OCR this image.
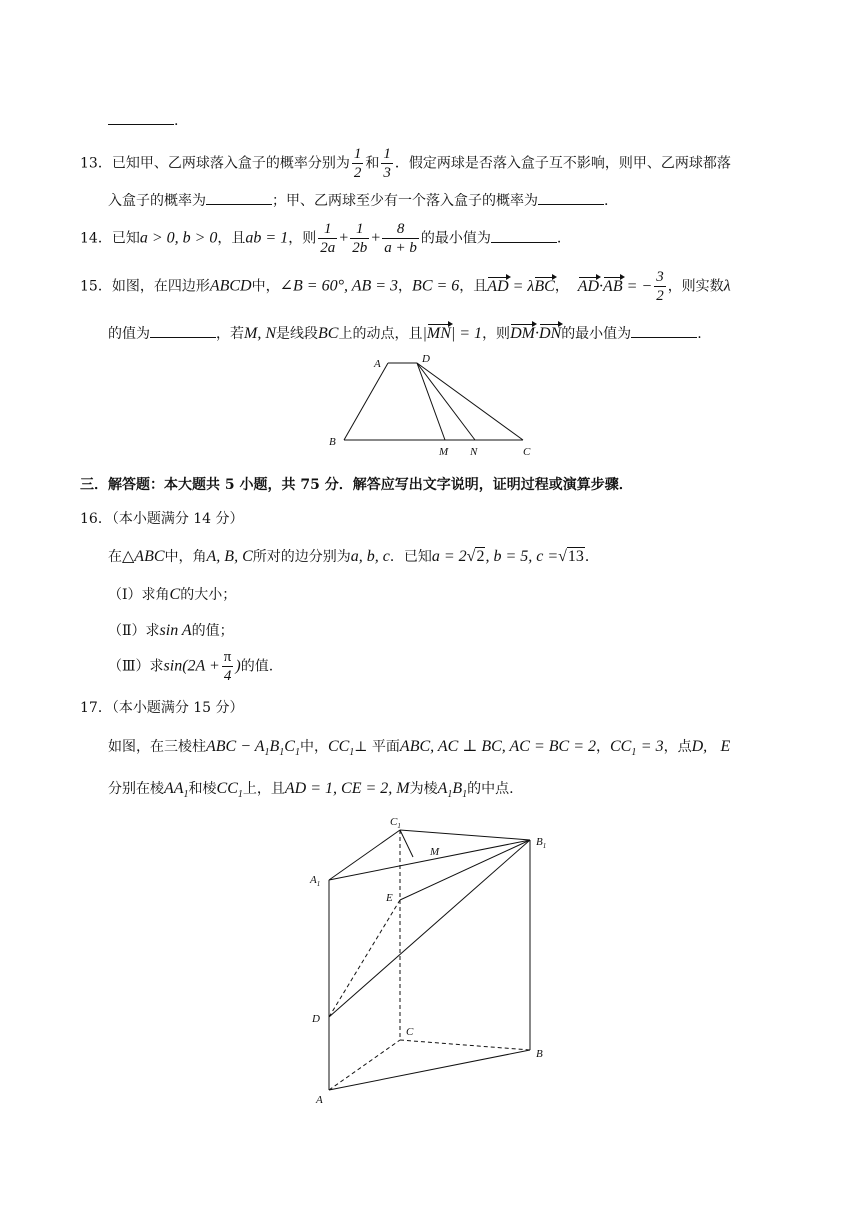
.
13．已知甲、乙两球落入盒子的概率分别为 $\frac{1}{2}$ 和 $\frac{1}{3}$ ．假定两球是否落入盒子互不影响，则甲、乙两球都落
入盒子的概率为	；甲、乙两球至少有一个落入盒子的概率为	.
14．已知a > 0, b > 0，且ab = 1，则 $\frac{1}{2a} + \frac{1}{2b} + \frac{8}{a + b}$ 的最小值为	.
15．如图，在四边形ABCD中，∠B = 60°, AB = 3，BC = 6，且AD = λBC， AD·AB = − $\frac{3}{2}$ ，则实数λ
的值为	，若M, N是线段BC上的动点，且|MN| = 1，则DM·DN的最小值为	.
A	D
B
M N	C
三．解答题：本大题共 5 小题，共 75 分．解答应写出文字说明，证明过程或演算步骤．
16．（本小题满分 14 分）
在△ABC中，角A, B, C所对的边分别为a, b, c．已知a = 2√2, b = 5, c =√13．
（Ⅰ）求角C的大小；
（Ⅱ）求sin A的值；
（Ⅲ）求$\sin(2A + \frac{\pi}{4}$ )的值.
17．（本小题满分 15 分）
如图，在三棱柱ABC − $A_1B_1C_1$中，$CC_1\perp$ 平面ABC, AC ⊥ BC, AC = BC = 2，$CC_1 = 3$，点D, E
分别在棱$AA_1$和棱$CC_1$上，且AD = 1, CE = 2, M为棱$A_1B_1$的中点.
$C_1$
$B_1$
$A_1$
M
E
D
C
B
A
